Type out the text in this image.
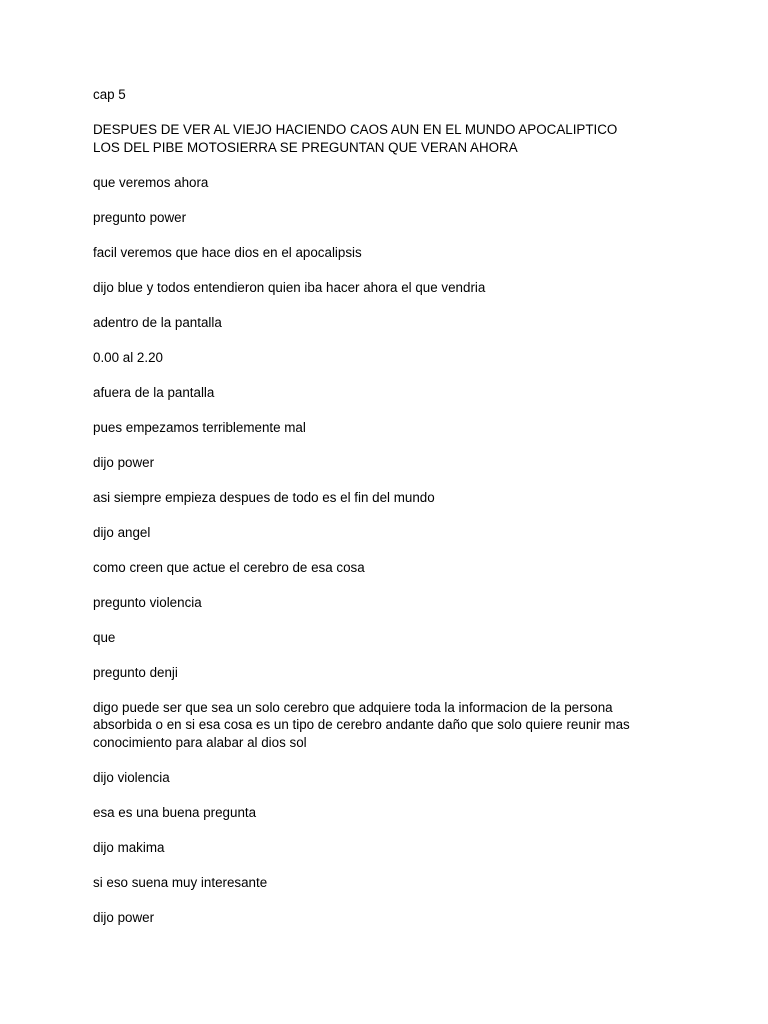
cap 5

DESPUES DE VER AL VIEJO HACIENDO CAOS AUN EN EL MUNDO APOCALIPTICO
LOS DEL PIBE MOTOSIERRA SE PREGUNTAN QUE VERAN AHORA

que veremos ahora

pregunto power

facil veremos que hace dios en el apocalipsis

dijo blue y todos entendieron quien iba hacer ahora el que vendria

adentro de la pantalla

0.00 al 2.20

afuera de la pantalla

pues empezamos terriblemente mal

dijo power

asi siempre empieza despues de todo es el fin del mundo

dijo angel

como creen que actue el cerebro de esa cosa

pregunto violencia

que

pregunto denji

digo puede ser que sea un solo cerebro que adquiere toda la informacion de la persona
absorbida o en si esa cosa es un tipo de cerebro andante daño que solo quiere reunir mas
conocimiento para alabar al dios sol

dijo violencia

esa es una buena pregunta

dijo makima

si eso suena muy interesante

dijo power
